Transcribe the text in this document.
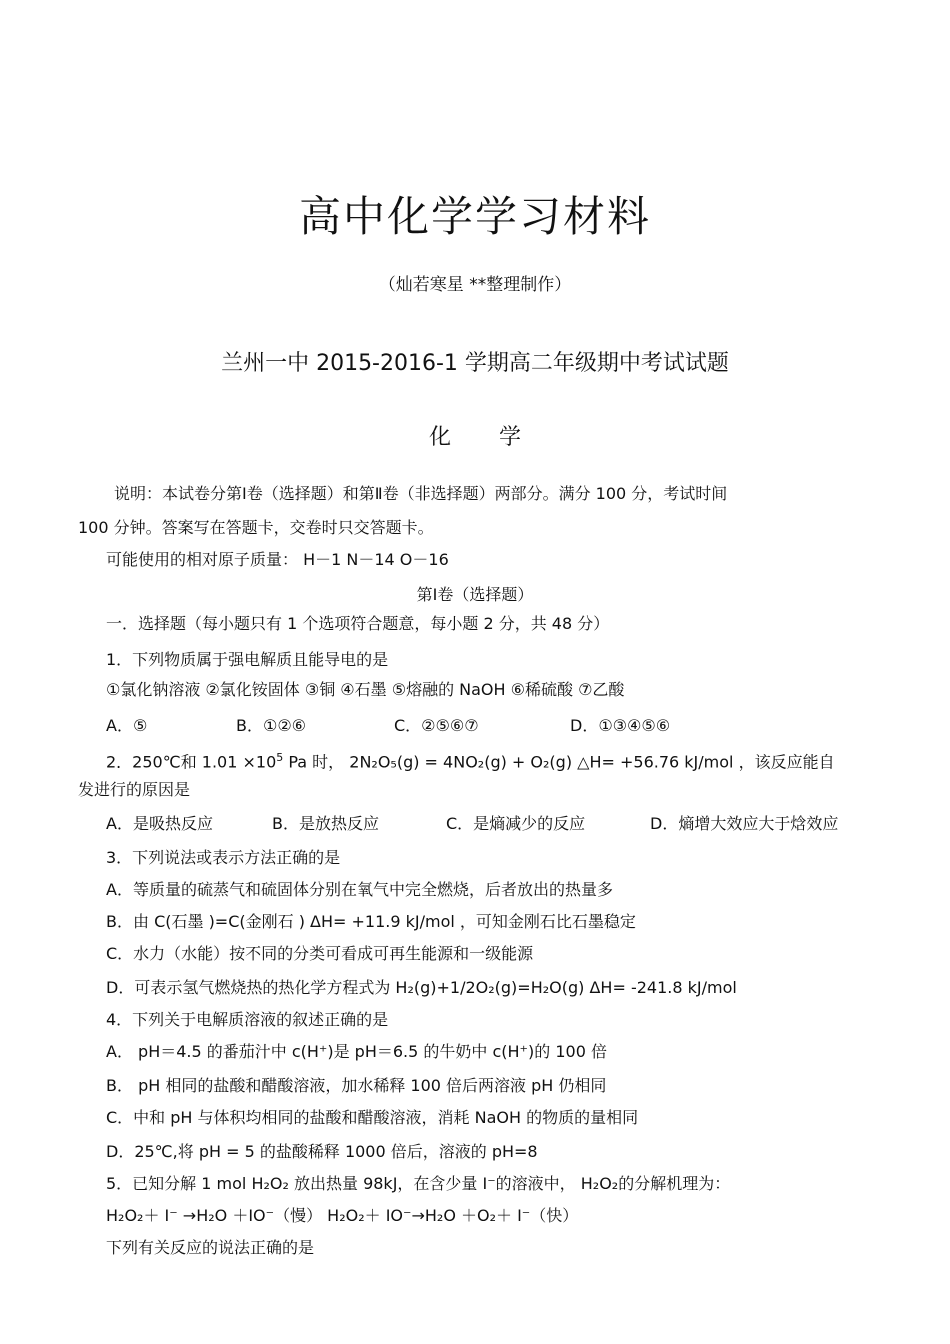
高中化学学习材料
（灿若寒星 **整理制作）
兰州一中 2015-2016-1 学期高二年级期中考试试题
化学
说明：本试卷分第Ⅰ卷（选择题）和第Ⅱ卷（非选择题）两部分。满分 100 分，考试时间
100 分钟。答案写在答题卡，交卷时只交答题卡。
可能使用的相对原子质量： H－1 N－14 O－16
第Ⅰ卷（选择题）
一．选择题（每小题只有 1 个选项符合题意，每小题 2 分，共 48 分）
1．下列物质属于强电解质且能导电的是
①氯化钠溶液 ②氯化铵固体 ③铜 ④石墨 ⑤熔融的 NaOH ⑥稀硫酸 ⑦乙酸
A．⑤	B．①②⑥	C．②⑤⑥⑦	D．①③④⑤⑥
2．250℃和 $1.01 \times 10^5$ Pa 时， 2N₂O₅(g) = 4NO₂(g) + O₂(g) △H= +56.76 kJ/mol ，该反应能自
发进行的原因是
A．是吸热反应	B．是放热反应	C．是熵减少的反应	D．熵增大效应大于焓效应
3．下列说法或表示方法正确的是
A．等质量的硫蒸气和硫固体分别在氧气中完全燃烧，后者放出的热量多
B．由 C(石墨 )=C(金刚石 ) ΔH= +11.9 kJ/mol ，可知金刚石比石墨稳定
C．水力（水能）按不同的分类可看成可再生能源和一级能源
D．可表示氢气燃烧热的热化学方程式为 H₂(g)+1/2O₂(g)=H₂O(g) ΔH= -241.8 kJ/mol
4．下列关于电解质溶液的叙述正确的是
A． pH＝4.5 的番茄汁中 c(H⁺)是 pH＝6.5 的牛奶中 c(H⁺)的 100 倍
B． pH 相同的盐酸和醋酸溶液，加水稀释 100 倍后两溶液 pH 仍相同
C．中和 pH 与体积均相同的盐酸和醋酸溶液，消耗 NaOH 的物质的量相同
D．25℃,将 pH = 5 的盐酸稀释 1000 倍后，溶液的 pH=8
5．已知分解 1 mol H₂O₂ 放出热量 98kJ，在含少量 I⁻的溶液中， H₂O₂的分解机理为：
H₂O₂＋ I⁻ →H₂O ＋IO⁻（慢） H₂O₂＋ IO⁻→H₂O ＋O₂＋ I⁻（快）
下列有关反应的说法正确的是
